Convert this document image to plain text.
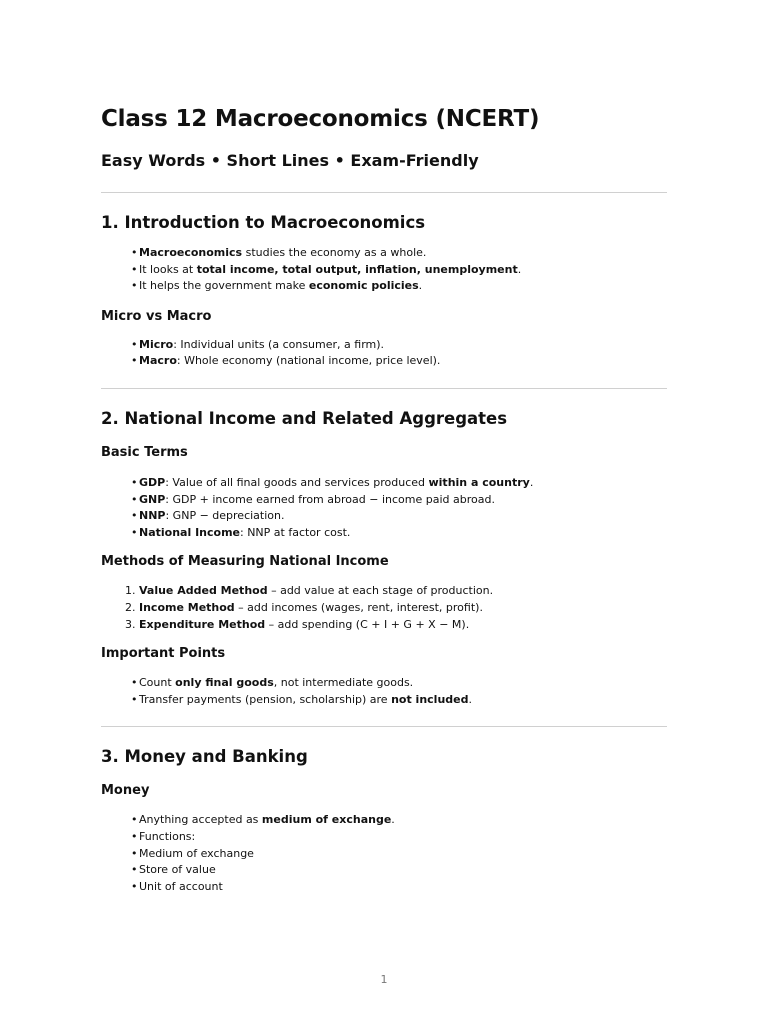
Class 12 Macroeconomics (NCERT)
Easy Words • Short Lines • Exam-Friendly
1. Introduction to Macroeconomics
• Macroeconomics studies the economy as a whole.
• It looks at total income, total output, inflation, unemployment.
• It helps the government make economic policies.
Micro vs Macro
• Micro: Individual units (a consumer, a firm).
• Macro: Whole economy (national income, price level).
2. National Income and Related Aggregates
Basic Terms
• GDP: Value of all final goods and services produced within a country.
• GNP: GDP + income earned from abroad − income paid abroad.
• NNP: GNP − depreciation.
• National Income: NNP at factor cost.
Methods of Measuring National Income
1. Value Added Method – add value at each stage of production.
2. Income Method – add incomes (wages, rent, interest, profit).
3. Expenditure Method – add spending (C + I + G + X − M).
Important Points
• Count only final goods, not intermediate goods.
• Transfer payments (pension, scholarship) are not included.
3. Money and Banking
Money
• Anything accepted as medium of exchange.
• Functions:
• Medium of exchange
• Store of value
• Unit of account
1
